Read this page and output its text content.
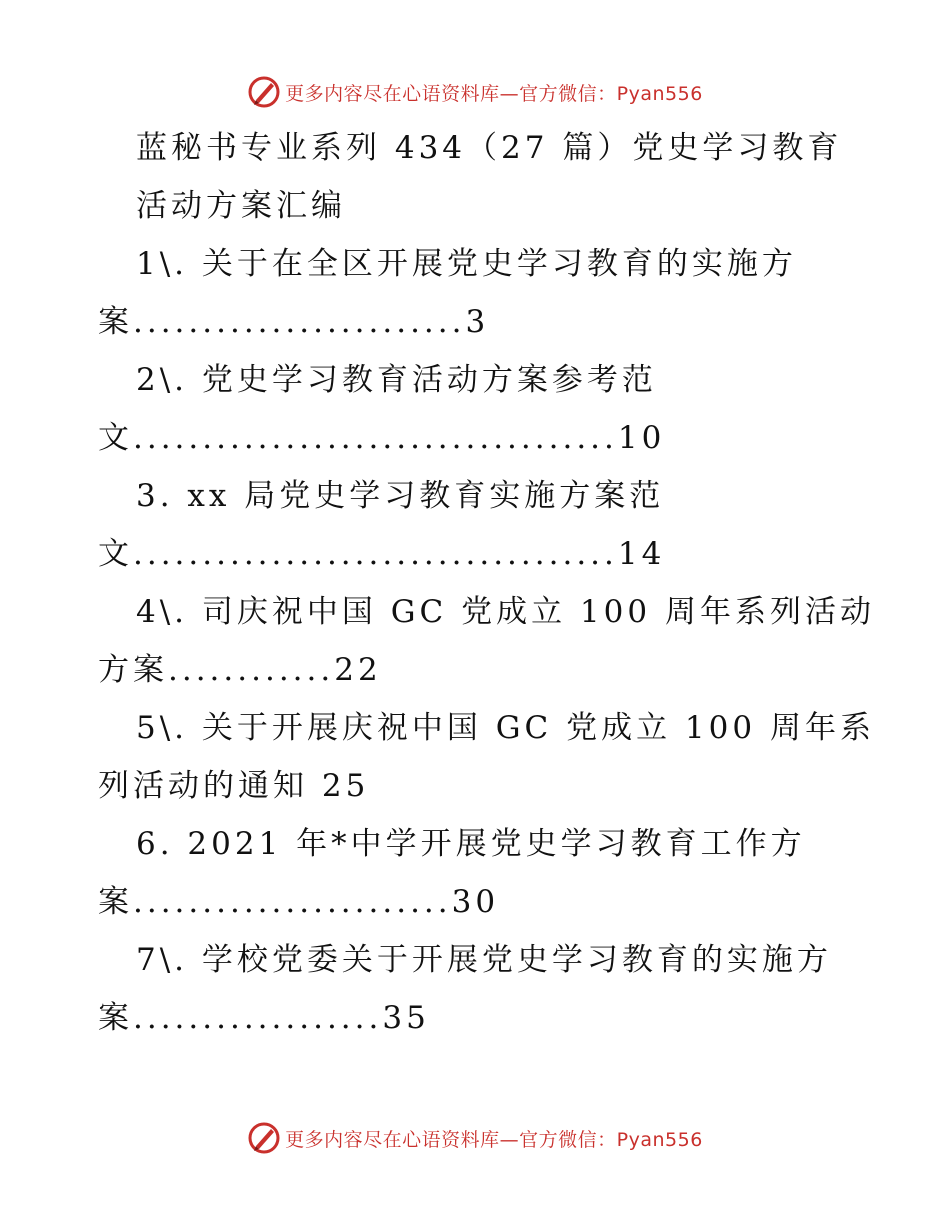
更多内容尽在心语资料库—官方微信：Pyan556
蓝秘书专业系列 434（27 篇）党史学习教育
活动方案汇编
1\. 关于在全区开展党史学习教育的实施方
案........................3
2\. 党史学习教育活动方案参考范
文...................................10
3. xx 局党史学习教育实施方案范
文...................................14
4\. 司庆祝中国 GC 党成立 100 周年系列活动
方案............22
5\. 关于开展庆祝中国 GC 党成立 100 周年系
列活动的通知 25
6. 2021 年*中学开展党史学习教育工作方
案.......................30
7\. 学校党委关于开展党史学习教育的实施方
案..................35
更多内容尽在心语资料库—官方微信：Pyan556
